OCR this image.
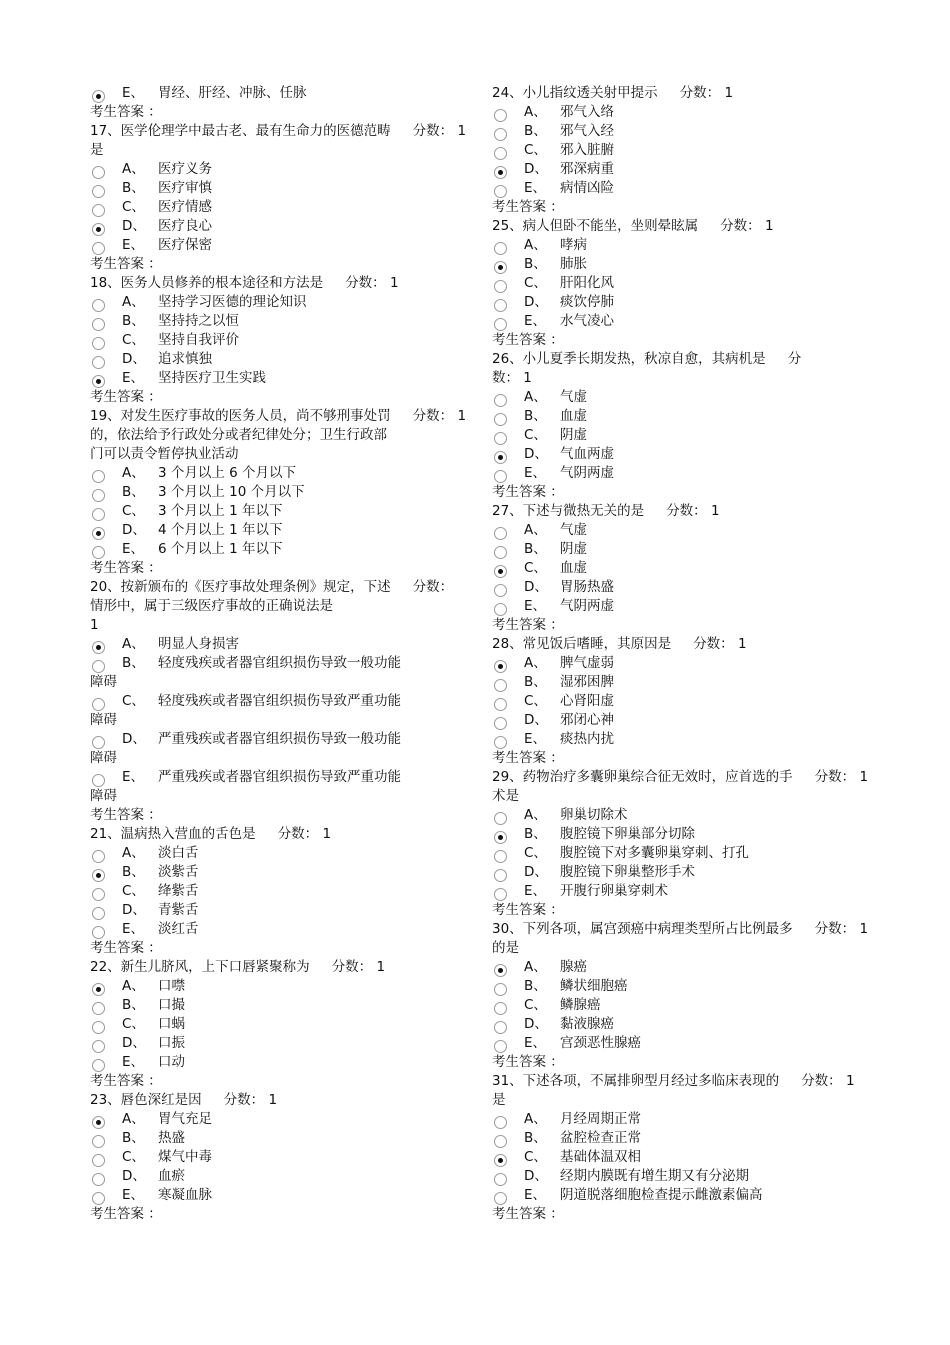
E、 胃经、肝经、冲脉、任脉
考生答案 ：
17、医学伦理学中最古老、最有生命力的医德范畴 分数： 1
是
A、 医疗义务
B、 医疗审慎
C、 医疗情感
D、 医疗良心
E、 医疗保密
考生答案 ：
18、医务人员修养的根本途径和方法是 分数： 1
A、 坚持学习医德的理论知识
B、 坚持持之以恒
C、 坚持自我评价
D、 追求慎独
E、 坚持医疗卫生实践
考生答案 ：
19、对发生医疗事故的医务人员，尚不够刑事处罚 分数： 1
的，依法给予行政处分或者纪律处分；卫生行政部
门可以责令暂停执业活动
A、 3 个月以上 6 个月以下
B、 3 个月以上 10 个月以下
C、 3 个月以上 1 年以下
D、 4 个月以上 1 年以下
E、 6 个月以上 1 年以下
考生答案 ：
20、按新颁布的《医疗事故处理条例》规定，下述 分数：
情形中，属于三级医疗事故的正确说法是
1
A、 明显人身损害
B、 轻度残疾或者器官组织损伤导致一般功能
障碍
C、 轻度残疾或者器官组织损伤导致严重功能
障碍
D、 严重残疾或者器官组织损伤导致一般功能
障碍
E、 严重残疾或者器官组织损伤导致严重功能
障碍
考生答案 ：
21、温病热入营血的舌色是 分数： 1
A、 淡白舌
B、 淡紫舌
C、 绛紫舌
D、 青紫舌
E、 淡红舌
考生答案 ：
22、新生儿脐风，上下口唇紧聚称为 分数： 1
A、 口噤
B、 口撮
C、 口蜗
D、 口振
E、 口动
考生答案 ：
23、唇色深红是因 分数： 1
A、 胃气充足
B、 热盛
C、 煤气中毒
D、 血瘀
E、 寒凝血脉
考生答案 ：
24、小儿指纹透关射甲提示 分数： 1
A、 邪气入络
B、 邪气入经
C、 邪入脏腑
D、 邪深病重
E、 病情凶险
考生答案 ：
25、病人但卧不能坐，坐则晕眩属 分数： 1
A、 哮病
B、 肺胀
C、 肝阳化风
D、 痰饮停肺
E、 水气凌心
考生答案 ：
26、小儿夏季长期发热，秋凉自愈，其病机是 分
数： 1
A、 气虚
B、 血虚
C、 阴虚
D、 气血两虚
E、 气阴两虚
考生答案 ：
27、下述与微热无关的是 分数： 1
A、 气虚
B、 阴虚
C、 血虚
D、 胃肠热盛
E、 气阴两虚
考生答案 ：
28、常见饭后嗜睡，其原因是 分数： 1
A、 脾气虚弱
B、 湿邪困脾
C、 心肾阳虚
D、 邪闭心神
E、 痰热内扰
考生答案 ：
29、药物治疗多囊卵巢综合征无效时，应首选的手 分数： 1
术是
A、 卵巢切除术
B、 腹腔镜下卵巢部分切除
C、 腹腔镜下对多囊卵巢穿刺、打孔
D、 腹腔镜下卵巢整形手术
E、 开腹行卵巢穿刺术
考生答案 ：
30、下列各项，属宫颈癌中病理类型所占比例最多 分数： 1
的是
A、 腺癌
B、 鳞状细胞癌
C、 鳞腺癌
D、 黏液腺癌
E、 宫颈恶性腺癌
考生答案 ：
31、下述各项，不属排卵型月经过多临床表现的 分数： 1
是
A、 月经周期正常
B、 盆腔检查正常
C、 基础体温双相
D、 经期内膜既有增生期又有分泌期
E、 阴道脱落细胞检查提示雌激素偏高
考生答案 ：
